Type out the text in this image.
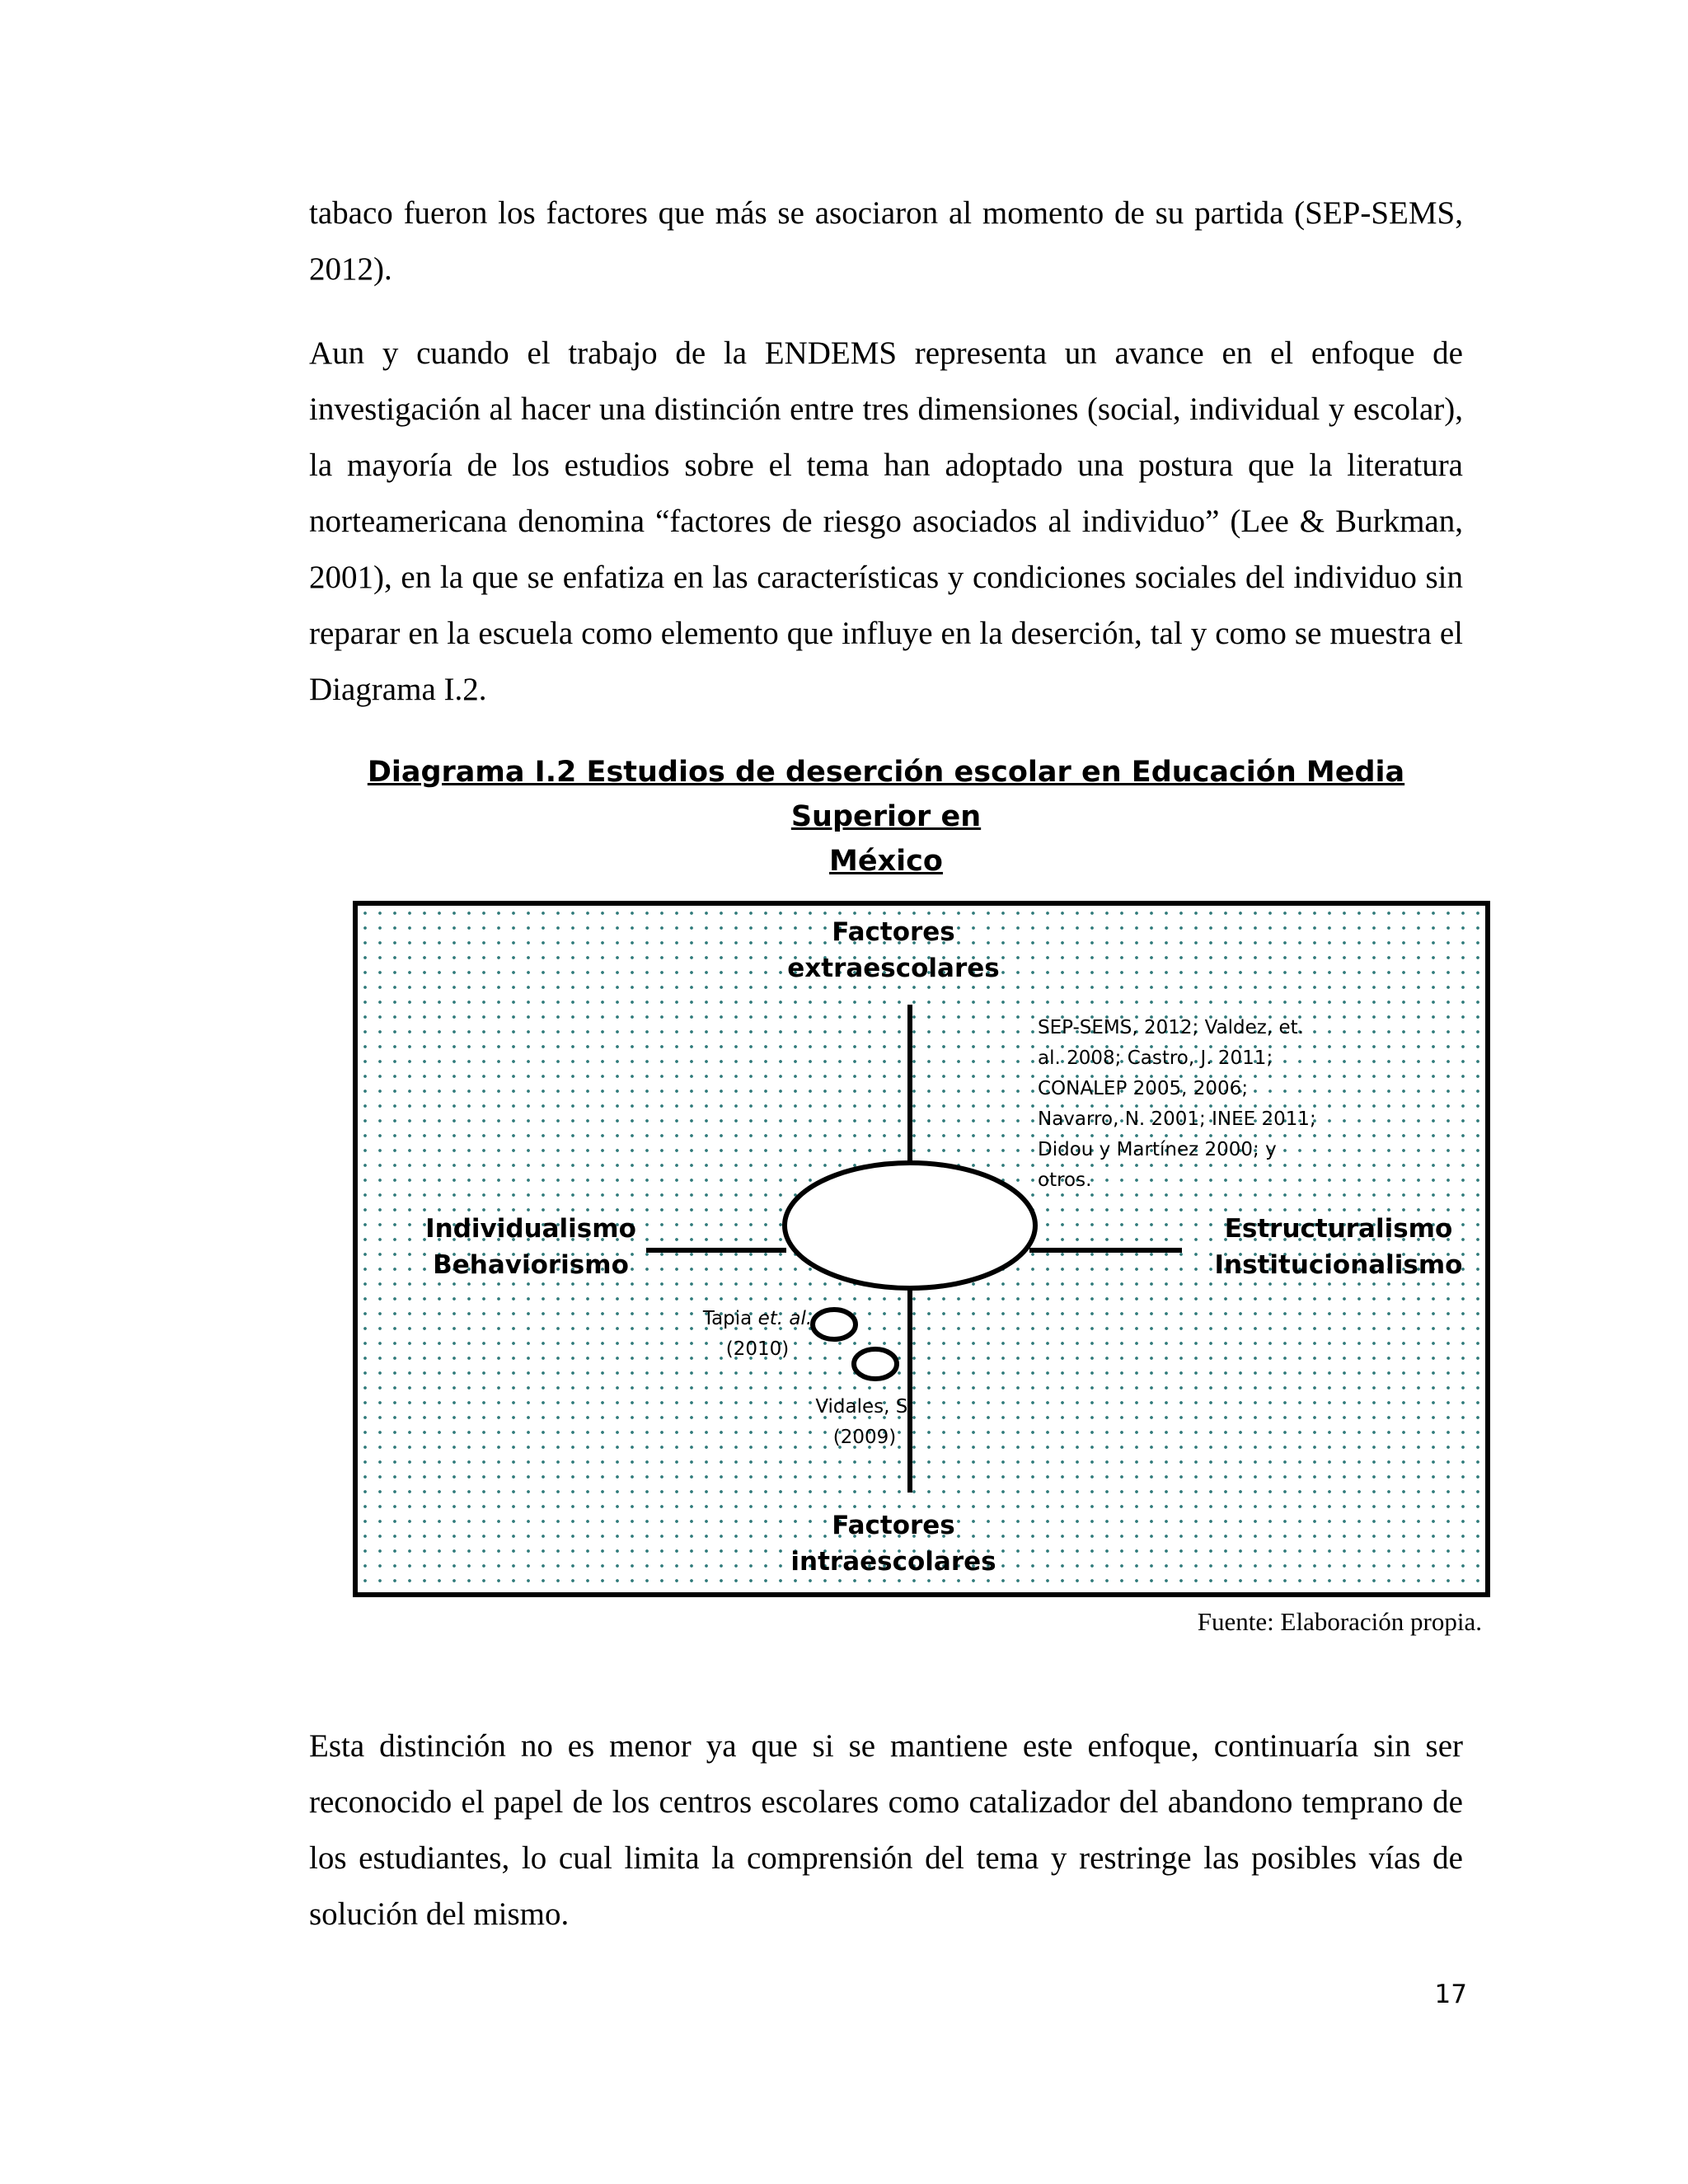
tabaco fueron los factores que más se asociaron al momento de su partida (SEP-SEMS, 2012).

Aun y cuando el trabajo de la ENDEMS representa un avance en el enfoque de investigación al hacer una distinción entre tres dimensiones (social, individual y escolar), la mayoría de los estudios sobre el tema han adoptado una postura que la literatura norteamericana denomina “factores de riesgo asociados al individuo” (Lee & Burkman, 2001), en la que se enfatiza en las características y condiciones sociales del individuo sin reparar en la escuela como elemento que influye en la deserción, tal y como se muestra el Diagrama I.2.

Diagrama I.2 Estudios de deserción escolar en Educación Media Superior en
México
Factores
extraescolares
Factores
intraescolares
Individualismo
Behaviorismo
Estructuralismo
Institucionalismo
SEP-SEMS, 2012; Valdez, et.
al. 2008; Castro, J. 2011;
CONALEP 2005, 2006;
Navarro, N. 2001; INEE 2011;
Didou y Martínez 2000; y
otros.
Tapia et. al.
(2010)
Vidales, S.
(2009)

Fuente: Elaboración propia.

Esta distinción no es menor ya que si se mantiene este enfoque, continuaría sin ser reconocido el papel de los centros escolares como catalizador del abandono temprano de los estudiantes, lo cual limita la comprensión del tema y restringe las posibles vías de solución del mismo.

17
